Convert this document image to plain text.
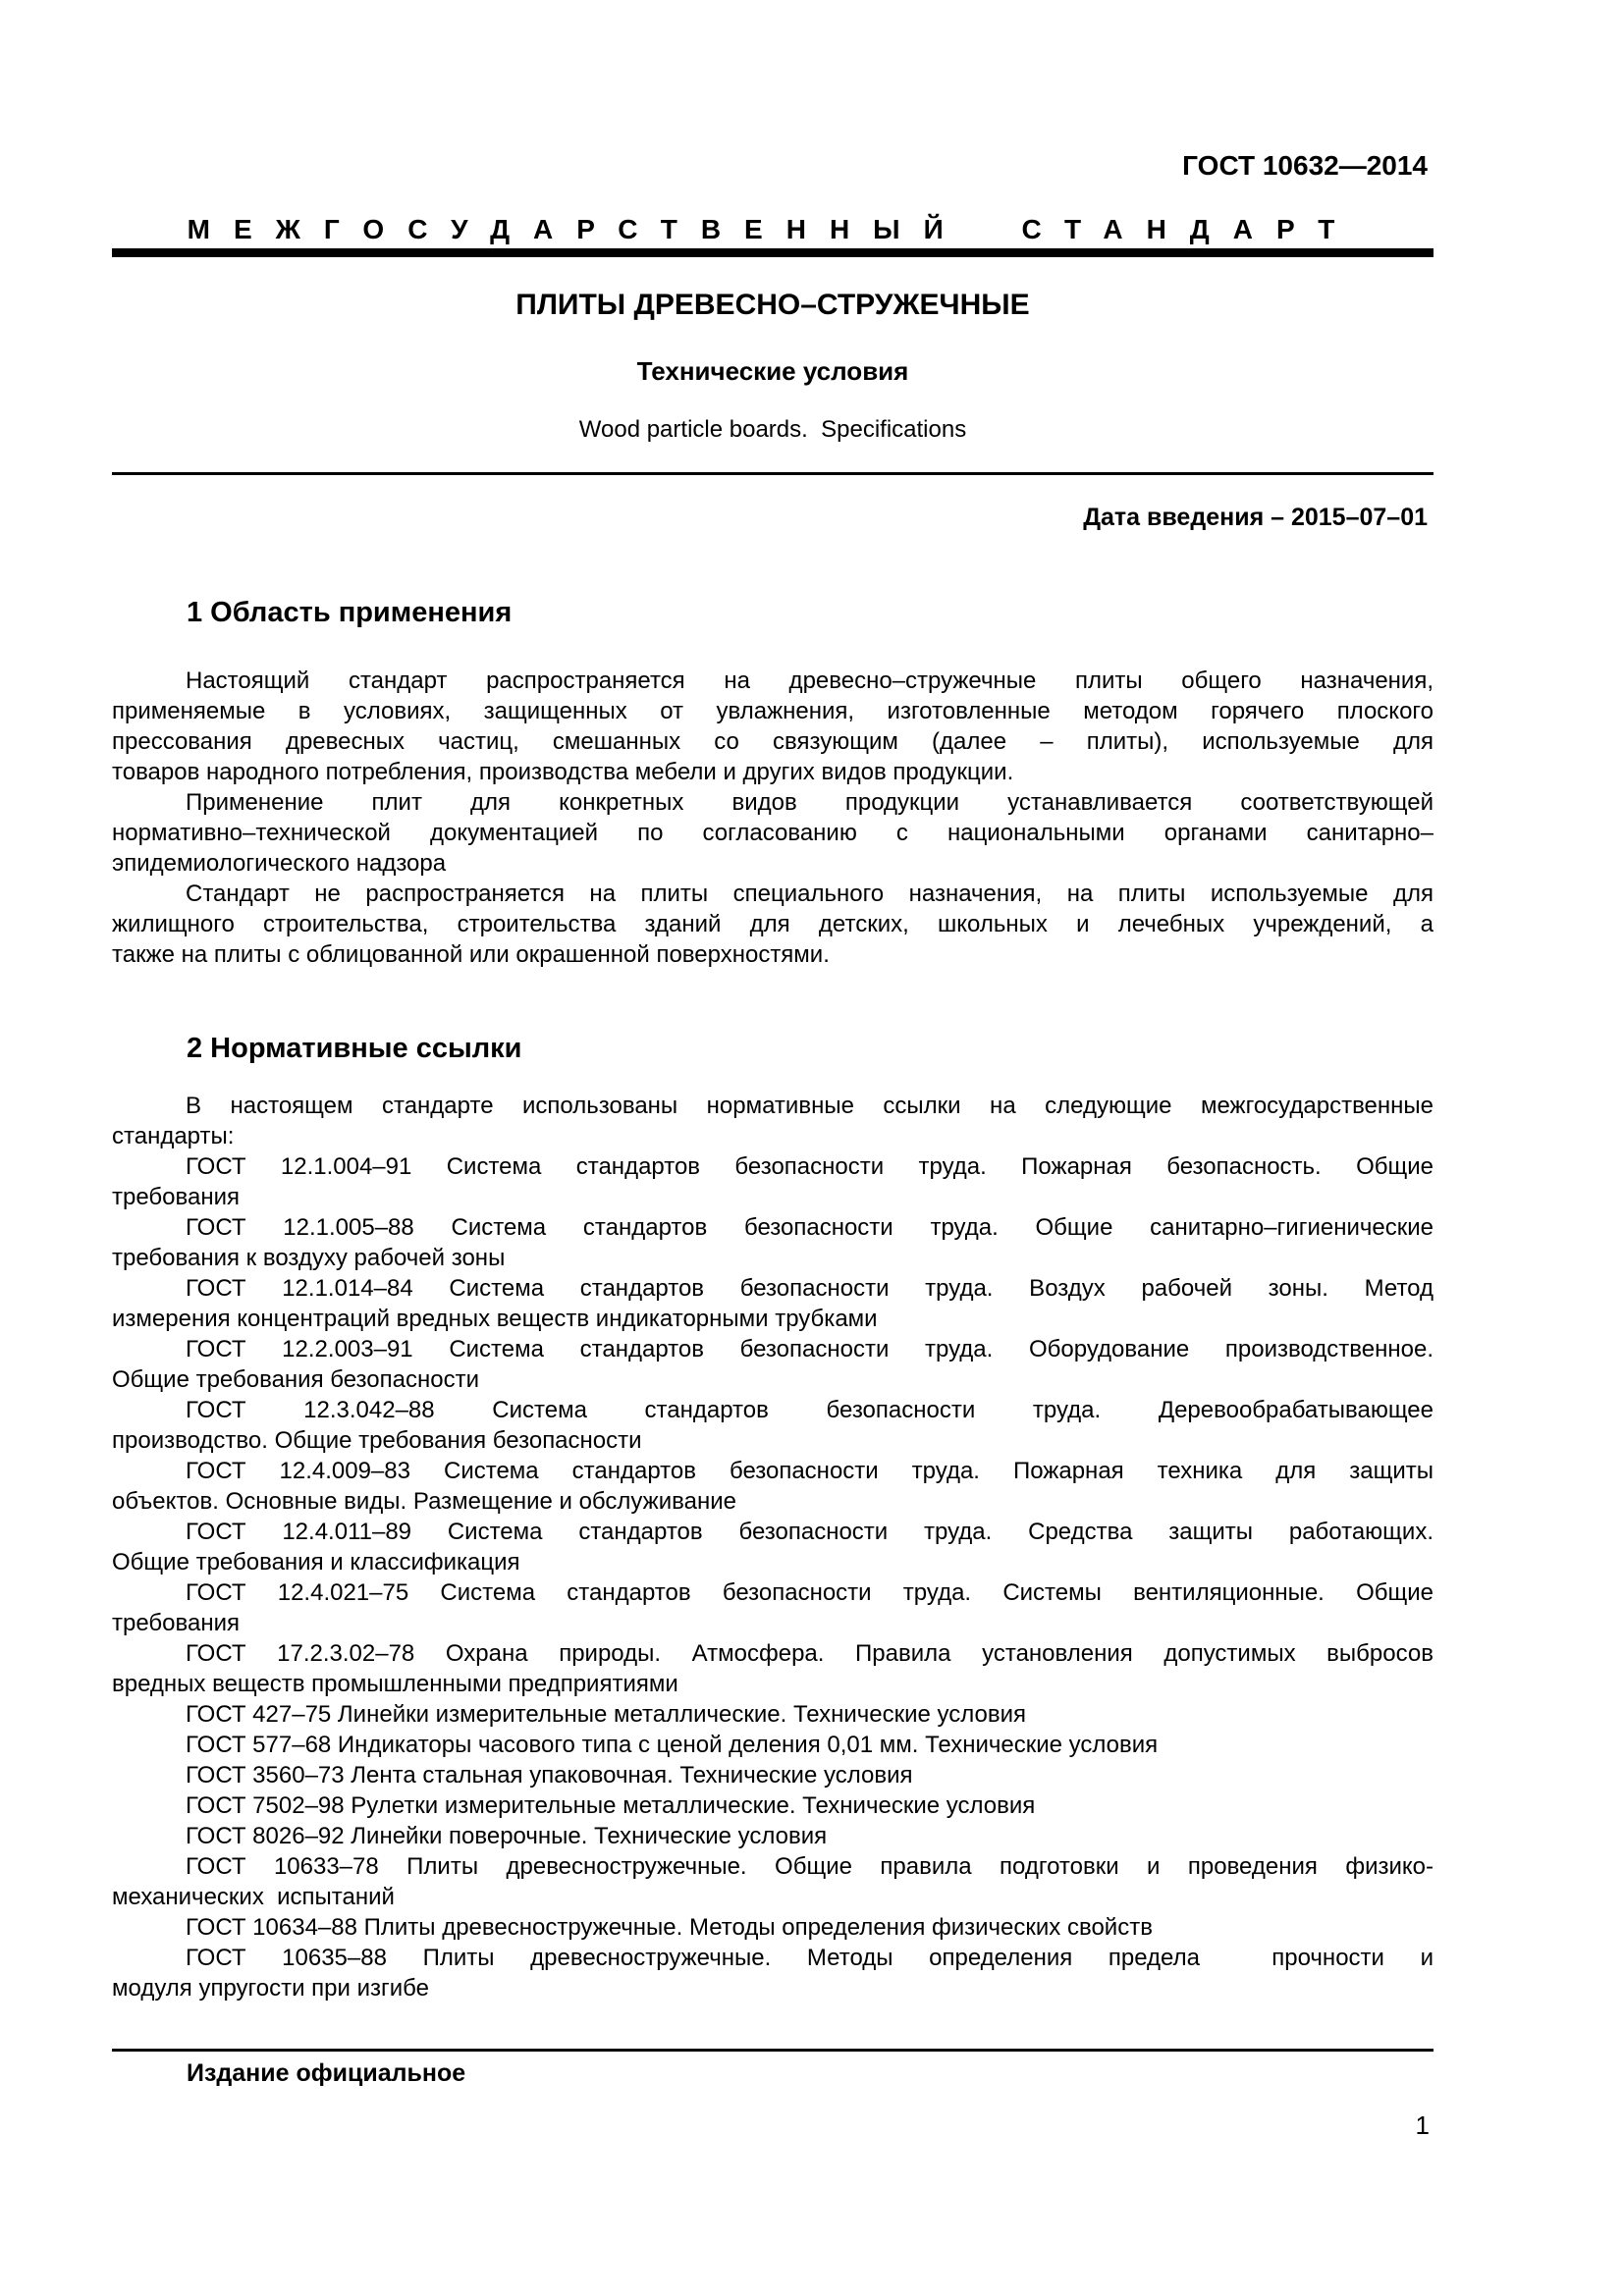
ГОСТ 10632—2014
МЕЖГОСУДАРСТВЕННЫЙ СТАНДАРТ
ПЛИТЫ ДРЕВЕСНО–СТРУЖЕЧНЫЕ
Технические условия
Wood particle boards.  Specifications
Дата введения – 2015–07–01
1 Область применения
Настоящий стандарт распространяется на древесно–стружечные плиты общего назначения,
применяемые в условиях, защищенных от увлажнения, изготовленные методом горячего плоского
прессования древесных частиц, смешанных со связующим (далее – плиты), используемые для
товаров народного потребления, производства мебели и других видов продукции.
Применение плит для конкретных видов продукции устанавливается соответствующей
нормативно–технической документацией по согласованию с национальными органами санитарно–
эпидемиологического надзора
Стандарт не распространяется на плиты специального назначения, на плиты используемые для
жилищного строительства, строительства зданий для детских, школьных и лечебных учреждений, а
также на плиты с облицованной или окрашенной поверхностями.
2 Нормативные ссылки
В настоящем стандарте использованы нормативные ссылки на следующие межгосударственные
стандарты:
ГОСТ 12.1.004–91 Система стандартов безопасности труда. Пожарная безопасность. Общие
требования
ГОСТ 12.1.005–88 Система стандартов безопасности труда. Общие санитарно–гигиенические
требования к воздуху рабочей зоны
ГОСТ 12.1.014–84 Система стандартов безопасности труда. Воздух рабочей зоны. Метод
измерения концентраций вредных веществ индикаторными трубками
ГОСТ 12.2.003–91 Система стандартов безопасности труда. Оборудование производственное.
Общие требования безопасности
ГОСТ 12.3.042–88 Система стандартов безопасности труда. Деревообрабатывающее
производство. Общие требования безопасности
ГОСТ 12.4.009–83 Система стандартов безопасности труда. Пожарная техника для защиты
объектов. Основные виды. Размещение и обслуживание
ГОСТ 12.4.011–89 Система стандартов безопасности труда. Средства защиты работающих.
Общие требования и классификация
ГОСТ 12.4.021–75 Система стандартов безопасности труда. Системы вентиляционные. Общие
требования
ГОСТ 17.2.3.02–78 Охрана природы. Атмосфера. Правила установления допустимых выбросов
вредных веществ промышленными предприятиями
ГОСТ 427–75 Линейки измерительные металлические. Технические условия
ГОСТ 577–68 Индикаторы часового типа с ценой деления 0,01 мм. Технические условия
ГОСТ 3560–73 Лента стальная упаковочная. Технические условия
ГОСТ 7502–98 Рулетки измерительные металлические. Технические условия
ГОСТ 8026–92 Линейки поверочные. Технические условия
ГОСТ 10633–78 Плиты древесностружечные. Общие правила подготовки и проведения физико-
механических  испытаний
ГОСТ 10634–88 Плиты древесностружечные. Методы определения физических свойств
ГОСТ 10635–88 Плиты древесностружечные. Методы определения предела  прочности и
модуля упругости при изгибе
Издание официальное
1
